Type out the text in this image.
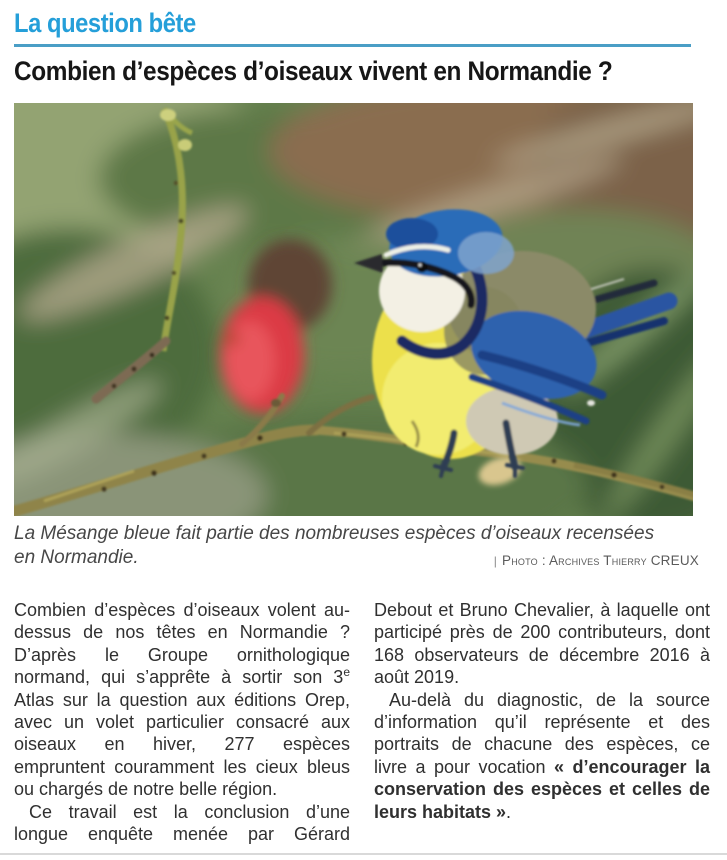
La question bête
Combien d’espèces d’oiseaux vivent en Normandie ?

La Mésange bleue fait partie des nombreuses espèces d’oiseaux recensées en Normandie.	| Photo : Archives Thierry CREUX

Combien d’espèces d’oiseaux volent au-dessus de nos têtes en Normandie ? D’après le Groupe ornithologique normand, qui s’apprête à sortir son 3e Atlas sur la question aux éditions Orep, avec un volet particulier consacré aux oiseaux en hiver, 277 espèces empruntent couramment les cieux bleus ou chargés de notre belle région.

Ce travail est la conclusion d’une longue enquête menée par Gérard Debout et Bruno Chevalier, à laquelle ont participé près de 200 contributeurs, dont 168 observateurs de décembre 2016 à août 2019.

Au-delà du diagnostic, de la source d’information qu’il représente et des portraits de chacune des espèces, ce livre a pour vocation « d’encourager la conservation des espèces et celles de leurs habitats ».
